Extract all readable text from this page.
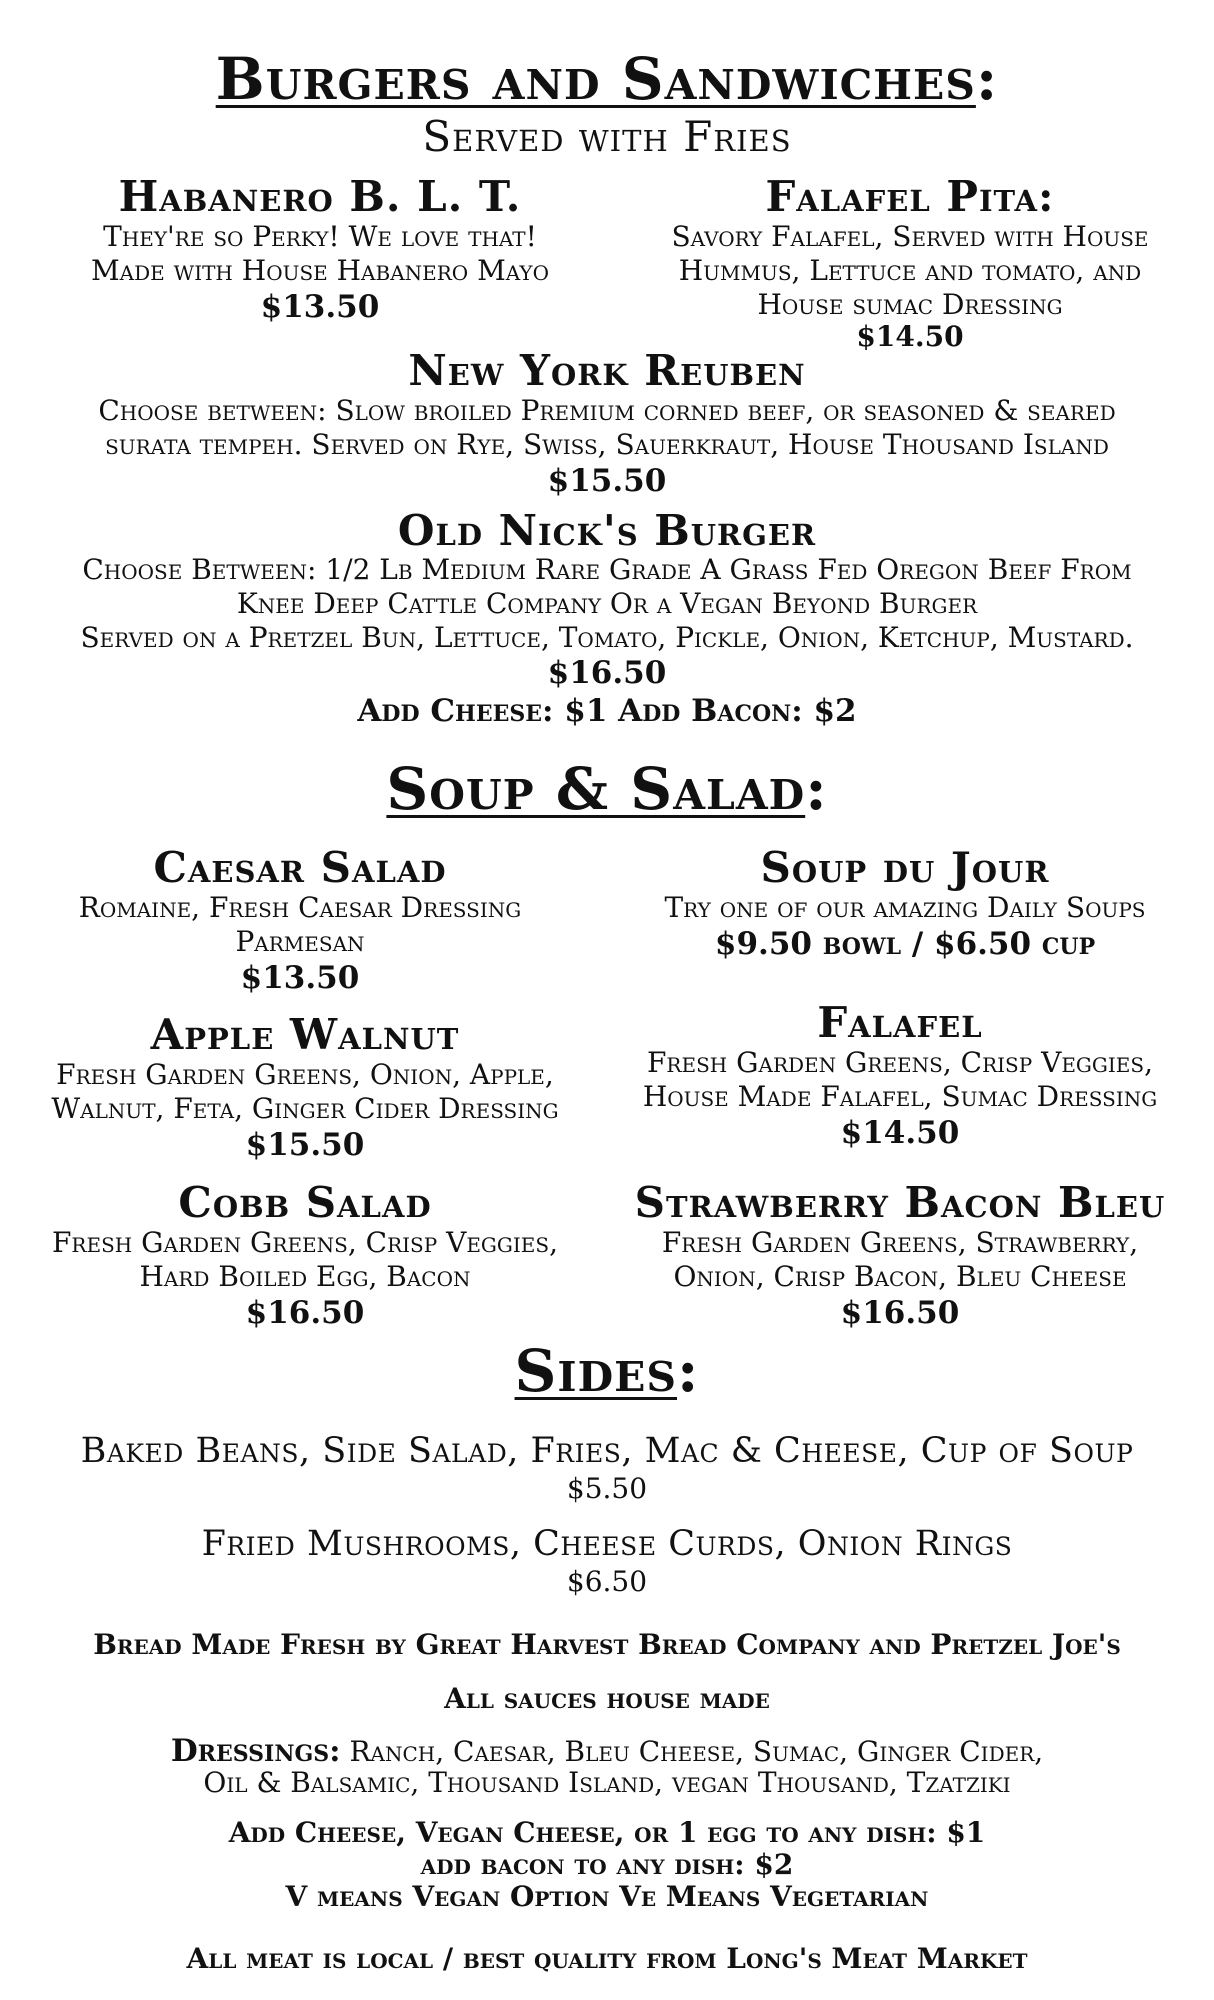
Burgers and Sandwiches:
Served with Fries
Habanero B. L. T.
They're so Perky! We love that!
Made with House Habanero Mayo
$13.50
Falafel Pita:
Savory Falafel, Served with House
Hummus, Lettuce and tomato, and
House sumac Dressing
$14.50
New York Reuben
Choose between: Slow broiled Premium corned beef, or seasoned & seared
surata tempeh. Served on Rye, Swiss, Sauerkraut, House Thousand Island
$15.50
Old Nick's Burger
Choose Between: 1/2 Lb Medium Rare Grade A Grass Fed Oregon Beef From
Knee Deep Cattle Company Or a Vegan Beyond Burger
Served on a Pretzel Bun, Lettuce, Tomato, Pickle, Onion, Ketchup, Mustard.
$16.50
Add Cheese: $1 Add Bacon: $2
Soup & Salad:
Caesar Salad
Romaine, Fresh Caesar Dressing
Parmesan
$13.50
Soup du Jour
Try one of our amazing Daily Soups
$9.50 bowl / $6.50 cup
Apple Walnut
Fresh Garden Greens, Onion, Apple,
Walnut, Feta, Ginger Cider Dressing
$15.50
Falafel
Fresh Garden Greens, Crisp Veggies,
House Made Falafel, Sumac Dressing
$14.50
Cobb Salad
Fresh Garden Greens, Crisp Veggies,
Hard Boiled Egg, Bacon
$16.50
Strawberry Bacon Bleu
Fresh Garden Greens, Strawberry,
Onion, Crisp Bacon, Bleu Cheese
$16.50
Sides:
Baked Beans, Side Salad, Fries, Mac & Cheese, Cup of Soup
$5.50
Fried Mushrooms, Cheese Curds, Onion Rings
$6.50
Bread Made Fresh by Great Harvest Bread Company and Pretzel Joe's
All sauces house made
Dressings: Ranch, Caesar, Bleu Cheese, Sumac, Ginger Cider,
Oil & Balsamic, Thousand Island, vegan Thousand, Tzatziki
Add Cheese, Vegan Cheese, or 1 egg to any dish: $1
add bacon to any dish: $2
V means Vegan Option Ve Means Vegetarian
All meat is local / best quality from Long's Meat Market
